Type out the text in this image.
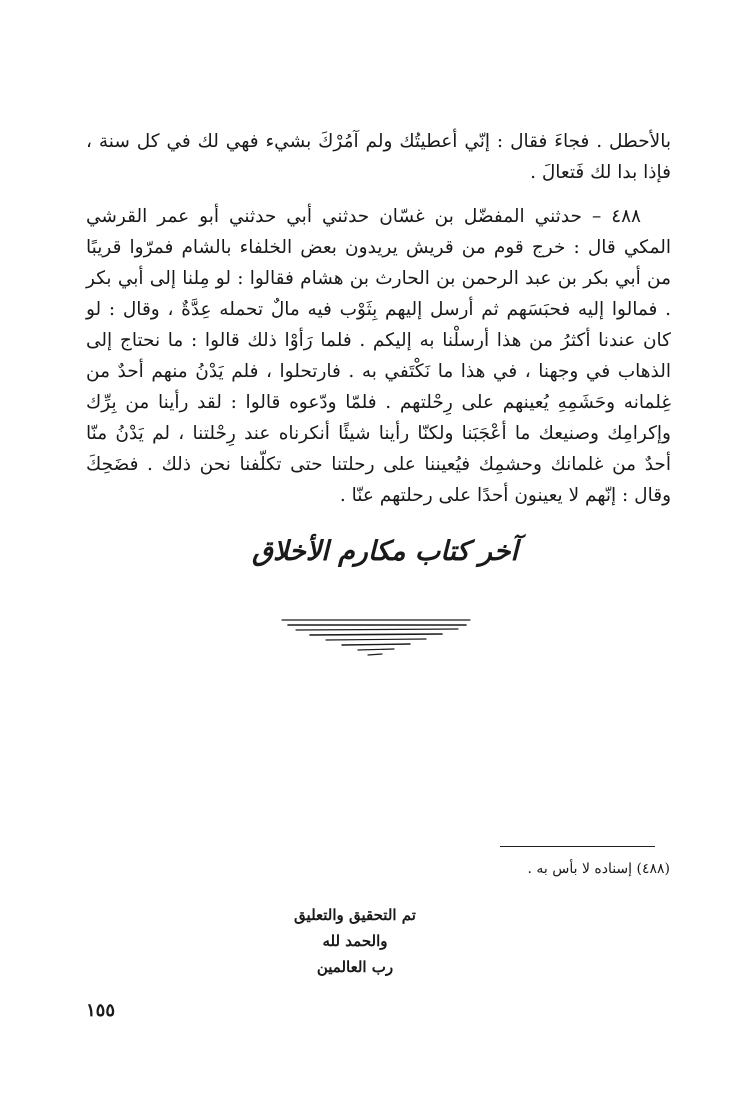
بالأحطل . فجاءَ فقال : إنّي أعطيتُك ولم آمُرْكَ بشيء فهي لك في كل سنة ، فإذا بدا لك فَتعالَ .

٤٨٨ – حدثني المفضّل بن غسّان حدثني أبي حدثني أبو عمر القرشي المكي قال : خرج قوم من قريش يريدون بعض الخلفاء بالشام فمرّوا قريبًا من أبي بكر بن عبد الرحمن بن الحارث بن هشام فقالوا : لو مِلنا إلى أبي بكر . فمالوا إليه فحبَسَهم ثم أرسل إليهم بِثَوْب فيه مالٌ تحمله عِدَّةٌ ، وقال : لو كان عندنا أكثرُ من هذا أرسلْنا به إليكم . فلما رَأوْا ذلك قالوا : ما نحتاج إلى الذهاب في وجهنا ، في هذا ما نَكْتَفي به . فارتحلوا ، فلم يَدْنُ منهم أحدٌ من غِلمانه وحَشَمِهِ يُعينهم على رِحْلتهم . فلمّا ودّعوه قالوا : لقد رأينا من بِرِّك وإكرامِك وصنيعك ما أعْجَبَنا ولكنّا رأينا شيئًا أنكرناه عند رِحْلتنا ، لم يَدْنُ منّا أحدٌ من غلمانك وحشمِك فيُعيننا على رحلتنا حتى تكلّفنا نحن ذلك . فضَحِكَ وقال : إنّهم لا يعينون أحدًا على رحلتهم عنّا .

آخر كتاب مكارم الأخلاق
(٤٨٨) إسناده لا بأس به .
تم التحقيق والتعليق
والحمد لله
رب العالمين
١٥٥
